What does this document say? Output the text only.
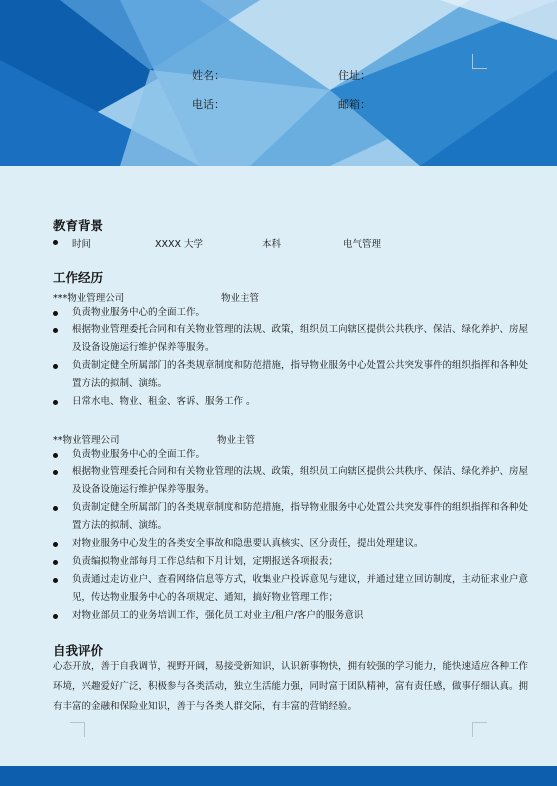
姓名：	住址：
电话：	邮箱：
教育背景
时间	XXXX 大学	本科	电气管理
工作经历
***物业管理公司	物业主管
负责物业服务中心的全面工作。
根据物业管理委托合同和有关物业管理的法规、政策，组织员工向辖区提供公共秩序、保洁、绿化养护、房屋及设备设施运行维护保养等服务。
负责制定健全所属部门的各类规章制度和防范措施，指导物业服务中心处置公共突发事件的组织指挥和各种处置方法的拟制、演练。
日常水电、物业、租金、客诉、服务工作 。
**物业管理公司	物业主管
负责物业服务中心的全面工作。
根据物业管理委托合同和有关物业管理的法规、政策，组织员工向辖区提供公共秩序、保洁、绿化养护、房屋及设备设施运行维护保养等服务。
负责制定健全所属部门的各类规章制度和防范措施，指导物业服务中心处置公共突发事件的组织指挥和各种处置方法的拟制、演练。
对物业服务中心发生的各类安全事故和隐患要认真核实、区分责任，提出处理建议。
负责编拟物业部每月工作总结和下月计划，定期报送各项报表；
负责通过走访业户、查看网络信息等方式，收集业户投诉意见与建议，并通过建立回访制度，主动征求业户意见，传达物业服务中心的各项规定、通知，搞好物业管理工作；
对物业部员工的业务培训工作，强化员工对业主/租户/客户的服务意识
自我评价
心态开放，善于自我调节，视野开阔，易接受新知识，认识新事物快，拥有较强的学习能力，能快速适应各种工作环境，兴趣爱好广泛，积极参与各类活动，独立生活能力强，同时富于团队精神，富有责任感，做事仔细认真。拥有丰富的金融和保险业知识，善于与各类人群交际，有丰富的营销经验。
